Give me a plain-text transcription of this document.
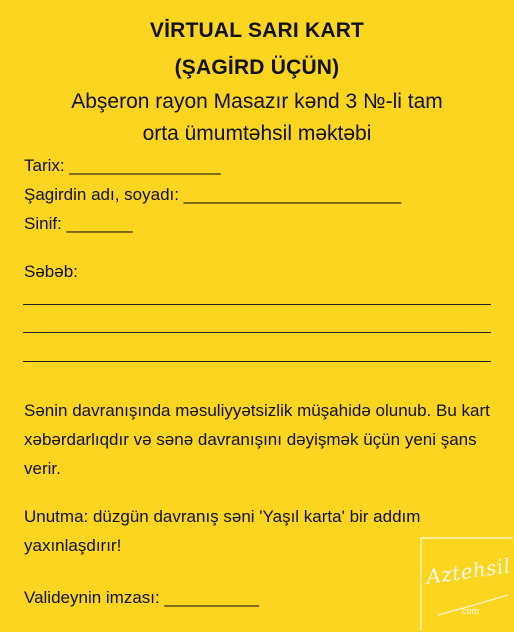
VİRTUAL SARI KART
(ŞAGİRD ÜÇÜN)
Abşeron rayon Masazır kənd 3 №-li tam
orta ümumtəhsil məktəbi
Tarix: ________________
Şagirdin adı, soyadı: _______________________
Sinif: _______
Səbəb:
Sənin davranışında məsuliyyətsizlik müşahidə olunub. Bu kart xəbərdarlıqdır və sənə davranışını dəyişmək üçün yeni şans verir.
Unutma: düzgün davranış səni 'Yaşıl karta' bir addım yaxınlaşdırır!
Valideynin imzası: __________
Aztehsil
com
